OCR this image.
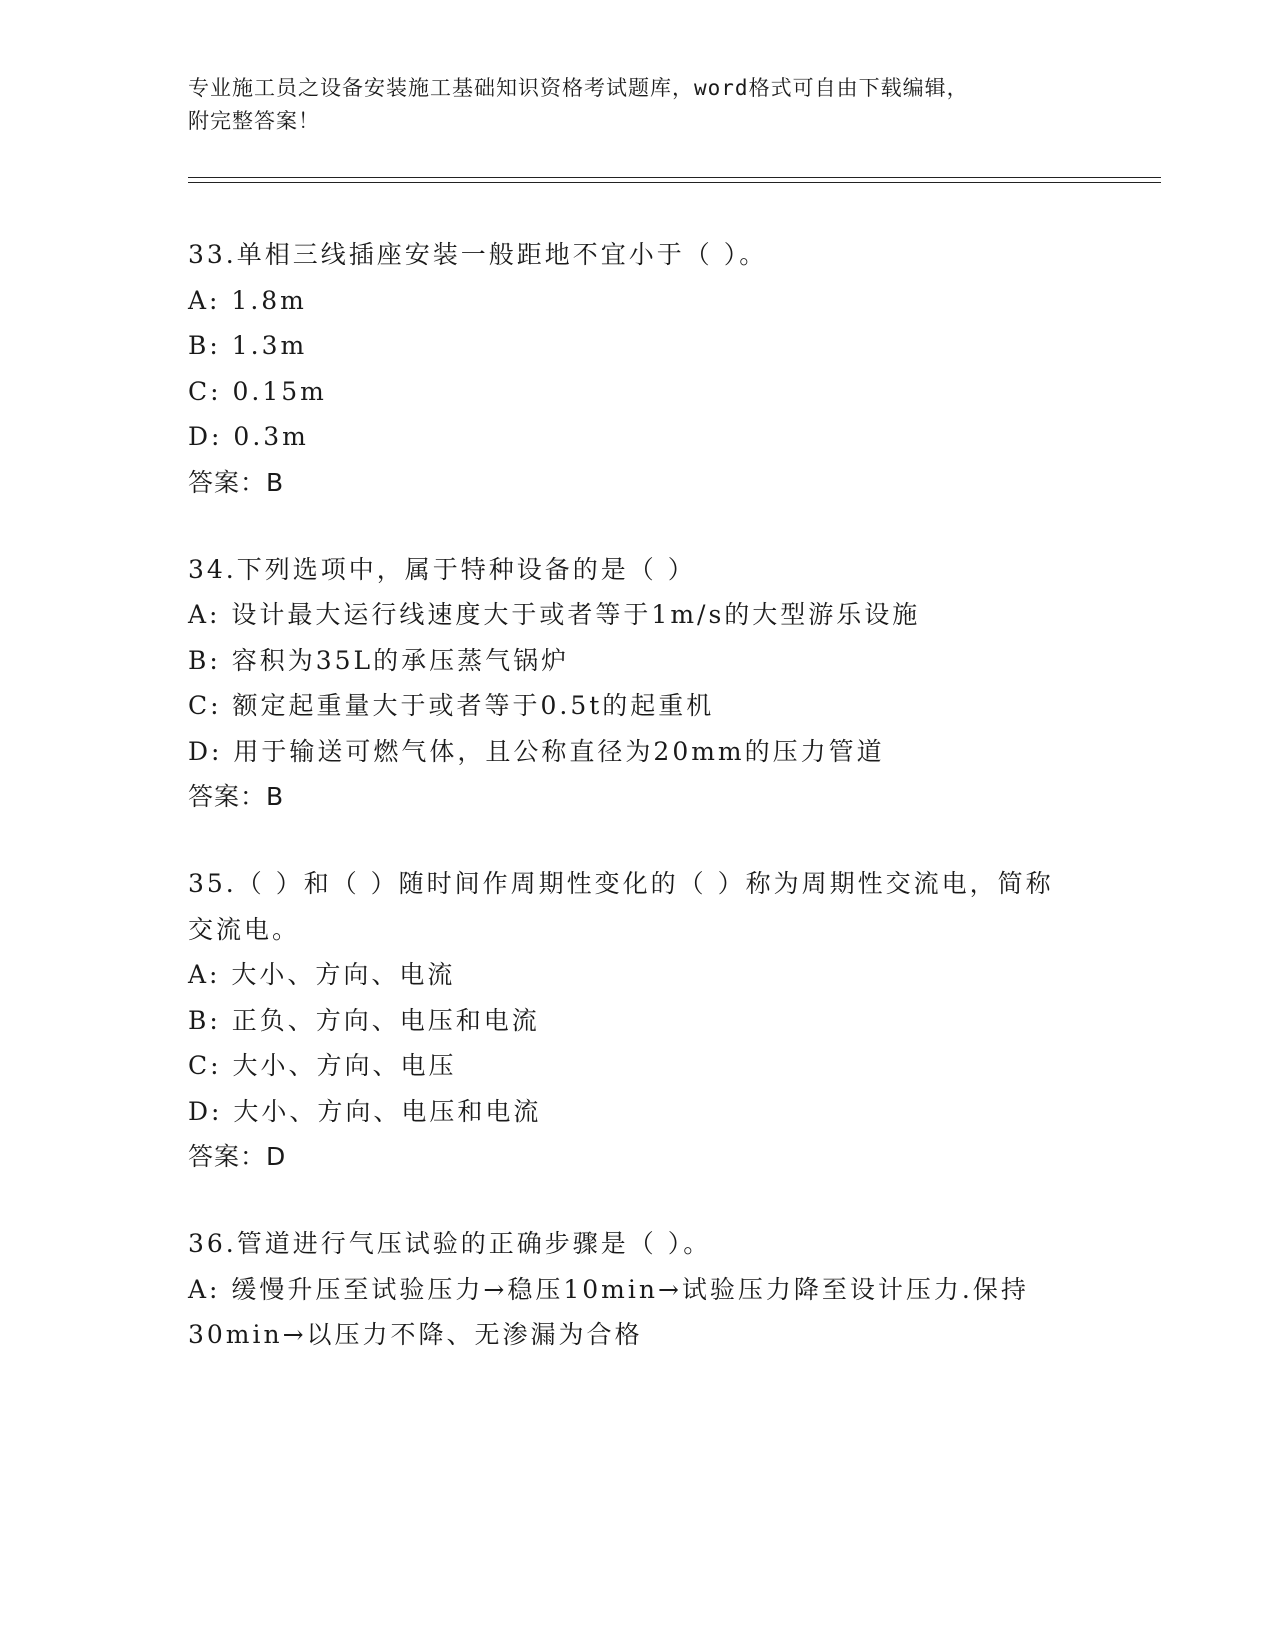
专业施工员之设备安装施工基础知识资格考试题库，word格式可自由下载编辑，
附完整答案！
33.单相三线插座安装一般距地不宜小于（ ）。
A: 1.8m
B: 1.3m
C: 0.15m
D: 0.3m
答案：B
34.下列选项中，属于特种设备的是（ ）
A: 设计最大运行线速度大于或者等于1m/s的大型游乐设施
B: 容积为35L的承压蒸气锅炉
C: 额定起重量大于或者等于0.5t的起重机
D: 用于输送可燃气体，且公称直径为20mm的压力管道
答案：B
35.（ ）和（ ）随时间作周期性变化的（ ）称为周期性交流电，简称交流电。
A: 大小、方向、电流
B: 正负、方向、电压和电流
C: 大小、方向、电压
D: 大小、方向、电压和电流
答案：D
36.管道进行气压试验的正确步骤是（ ）。
A: 缓慢升压至试验压力→稳压10min→试验压力降至设计压力.保持30min→以压力不降、无渗漏为合格
